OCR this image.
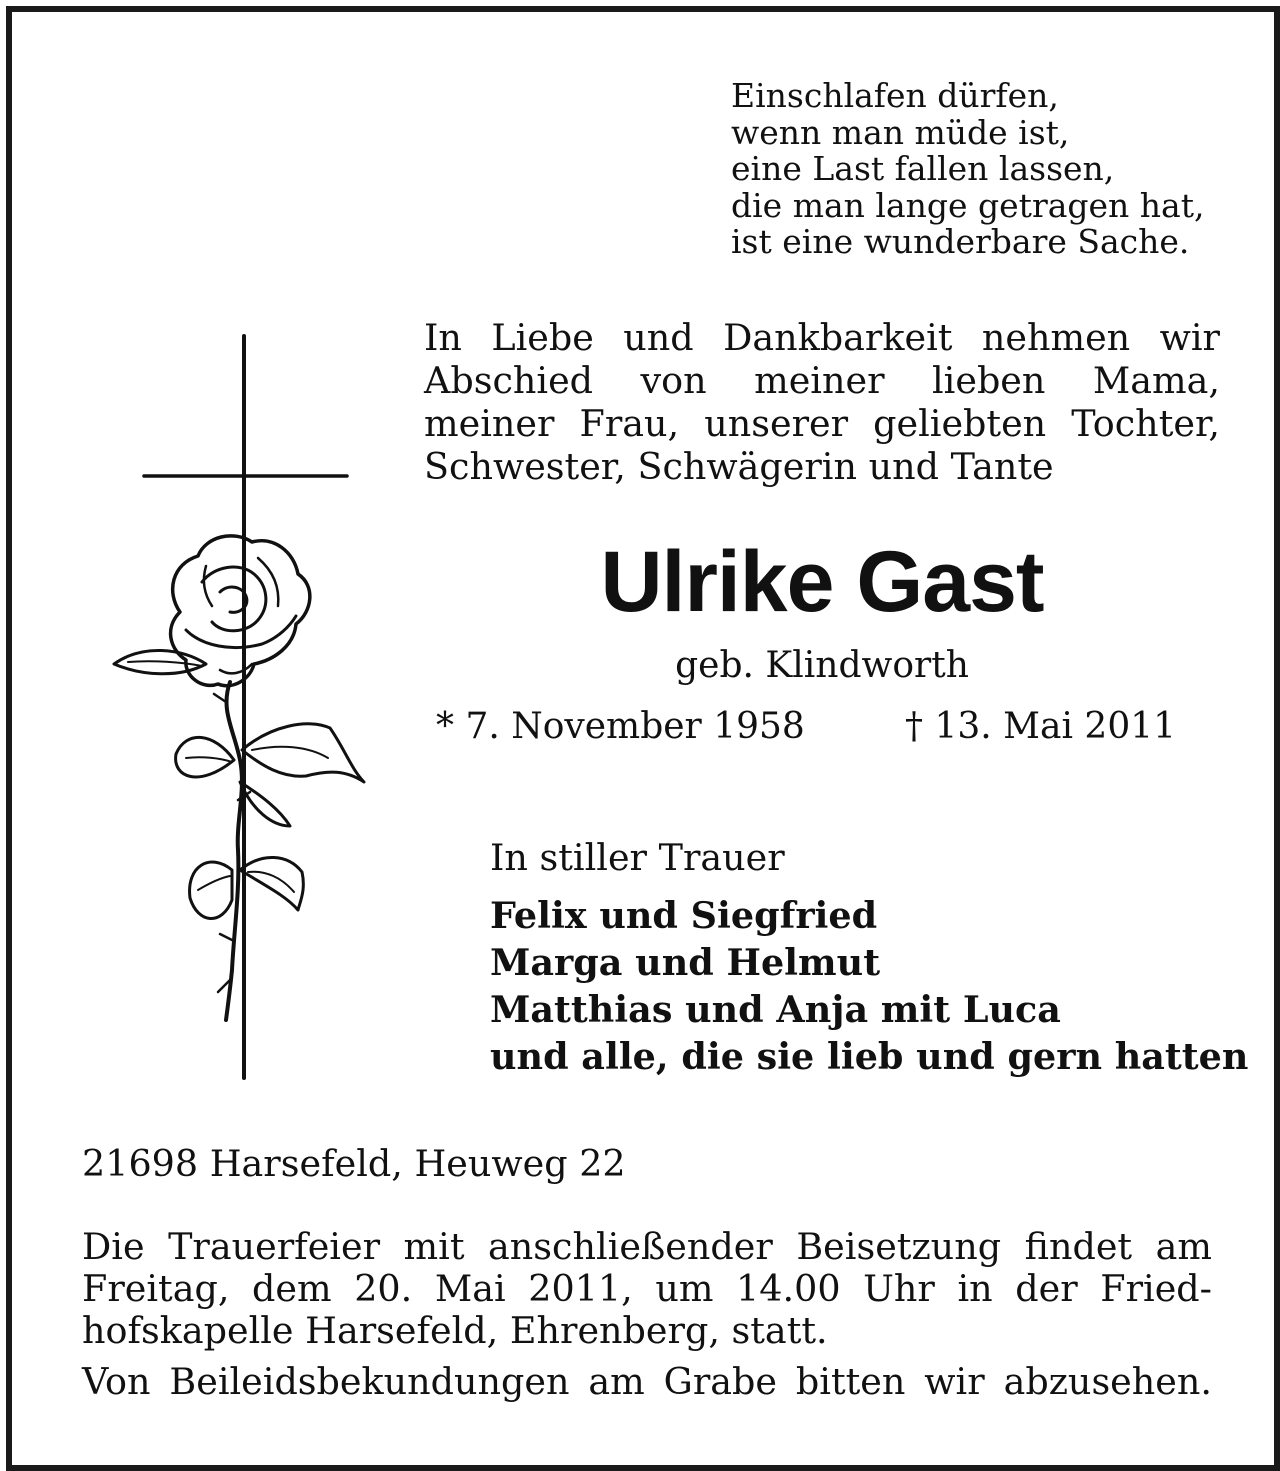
Einschlafen dürfen,
wenn man müde ist,
eine Last fallen lassen,
die man lange getragen hat,
ist eine wunderbare Sache.
In Liebe und Dankbarkeit nehmen wir
Abschied von meiner lieben Mama,
meiner Frau, unserer geliebten Tochter,
Schwester, Schwägerin und Tante
Ulrike Gast
geb. Klindworth
* 7. November 1958	† 13. Mai 2011
In stiller Trauer
Felix und Siegfried
Marga und Helmut
Matthias und Anja mit Luca
und alle, die sie lieb und gern hatten
21698 Harsefeld, Heuweg 22
Die Trauerfeier mit anschließender Beisetzung findet am
Freitag, dem 20. Mai 2011, um 14.00 Uhr in der Fried-
hofskapelle Harsefeld, Ehrenberg, statt.
Von Beileidsbekundungen am Grabe bitten wir abzusehen.
